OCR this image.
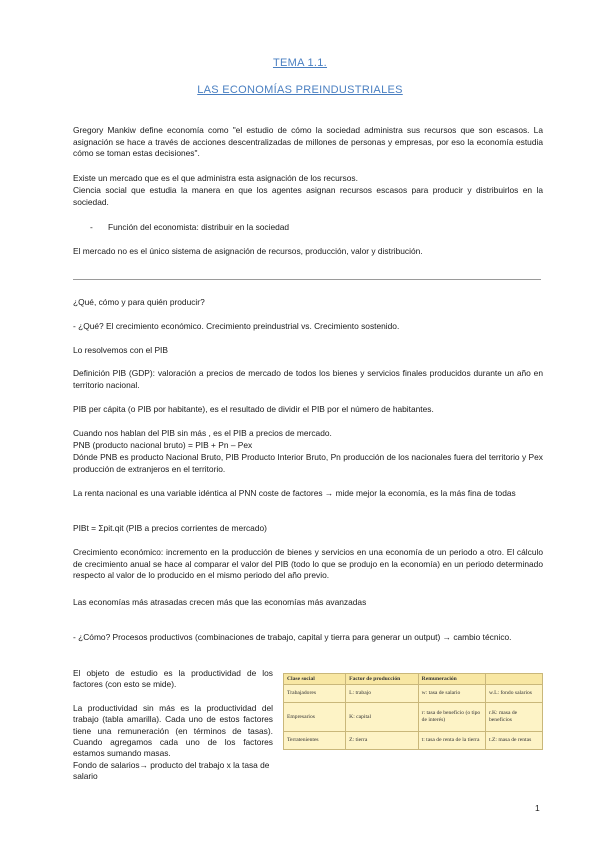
TEMA 1.1.
LAS ECONOMÍAS PREINDUSTRIALES
Gregory Mankiw define economía como "el estudio de cómo la sociedad administra sus recursos que son escasos. La asignación se hace a través de acciones descentralizadas de millones de personas y empresas, por eso la economía estudia cómo se toman estas decisiones".
Existe un mercado que es el que administra esta asignación de los recursos.
Ciencia social que estudia la manera en que los agentes asignan recursos escasos para producir y distribuirlos en la sociedad.
- Función del economista: distribuir en la sociedad
El mercado no es el único sistema de asignación de recursos, producción, valor y distribución.
¿Qué, cómo y para quién producir?
- ¿Qué? El crecimiento económico. Crecimiento preindustrial vs. Crecimiento sostenido.
Lo resolvemos con el PIB
Definición PIB (GDP): valoración a precios de mercado de todos los bienes y servicios finales producidos durante un año en territorio nacional.
PIB per cápita (o PIB por habitante), es el resultado de dividir el PIB por el número de habitantes.
Cuando nos hablan del PIB sin más , es el PIB a precios de mercado.
PNB (producto nacional bruto) = PIB + Pn – Pex
Dónde PNB es producto Nacional Bruto, PIB Producto Interior Bruto, Pn producción de los nacionales fuera del territorio y Pex producción de extranjeros en el territorio.
La renta nacional es una variable idéntica al PNN coste de factores → mide mejor la economía, es la más fina de todas
PIBt = Σpit.qit (PIB a precios corrientes de mercado)
Crecimiento económico: incremento en la producción de bienes y servicios en una economía de un periodo a otro. El cálculo de crecimiento anual se hace al comparar el valor del PIB (todo lo que se produjo en la economía) en un periodo determinado respecto al valor de lo producido en el mismo periodo del año previo.
Las economías más atrasadas crecen más que las economías más avanzadas
- ¿Cómo? Procesos productivos (combinaciones de trabajo, capital y tierra para generar un output) → cambio técnico.
El objeto de estudio es la productividad de los factores (con esto se mide).
La productividad sin más es la productividad del trabajo (tabla amarilla). Cada uno de estos factores tiene una remuneración (en términos de tasas). Cuando agregamos cada uno de los factores estamos sumando masas.
Fondo de salarios→ producto del trabajo x la tasa de salario
Clase social	Factor de producción	Remuneración	
Trabajadores	L: trabajo	w: tasa de salario	w.L: fondo salarios
Empresarios	K: capital	r: tasa de beneficio (o tipo de interés)	r.K: masa de beneficios
Terratenientes	Z: tierra	t: tasa de renta de la tierra	t.Z: masa de rentas
1
